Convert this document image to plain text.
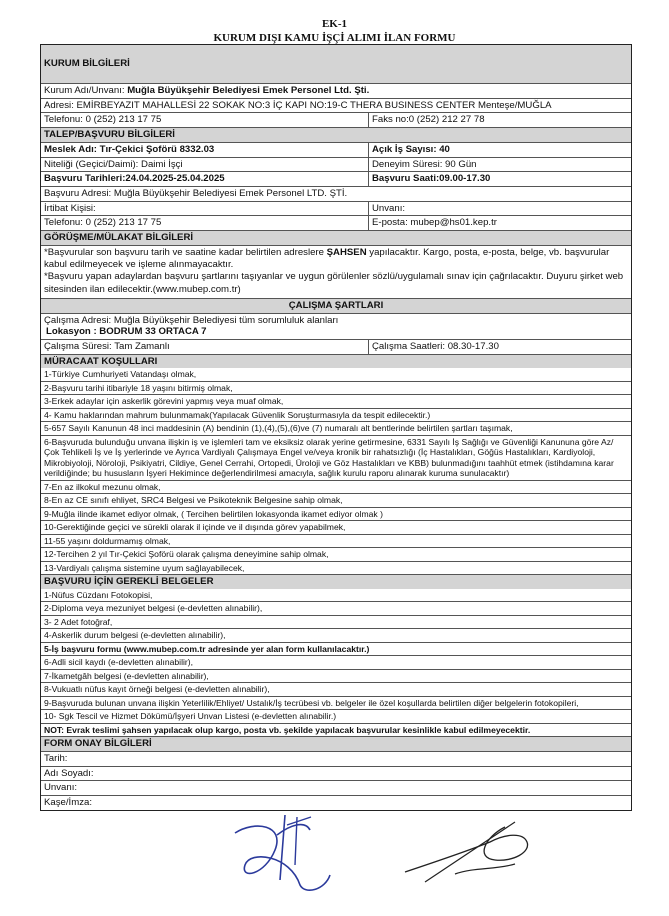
EK-1
KURUM DIŞI KAMU İŞÇİ ALIMI İLAN FORMU
KURUM BİLGİLERİ
Kurum Adı/Unvanı: Muğla Büyükşehir Belediyesi Emek Personel Ltd. Şti.
Adresi: EMİRBEYAZIT MAHALLESİ 22 SOKAK NO:3 İÇ KAPI NO:19-C THERA BUSINESS CENTER Menteşe/MUĞLA
Telefonu: 0 (252) 213 17 75	Faks no:0 (252) 212 27 78
TALEP/BAŞVURU BİLGİLERİ
Meslek Adı: Tır-Çekici Şoförü 8332.03	Açık İş Sayısı: 40
Niteliği (Geçici/Daimi): Daimi İşçi	Deneyim Süresi: 90 Gün
Başvuru Tarihleri:24.04.2025-25.04.2025	Başvuru Saati:09.00-17.30
Başvuru Adresi: Muğla Büyükşehir Belediyesi Emek Personel LTD. ŞTİ.
İrtibat Kişisi:	Unvanı:
Telefonu: 0 (252) 213 17 75	E-posta: mubep@hs01.kep.tr
GÖRÜŞME/MÜLAKAT BİLGİLERİ
*Başvurular son başvuru tarih ve saatine kadar belirtilen adreslere ŞAHSEN yapılacaktır. Kargo, posta, e-posta, belge, vb. başvurular kabul edilmeyecek ve işleme alınmayacaktır.
*Başvuru yapan adaylardan başvuru şartlarını taşıyanlar ve uygun görülenler sözlü/uygulamalı sınav için çağrılacaktır. Duyuru şirket web sitesinden ilan edilecektir.(www.mubep.com.tr)
ÇALIŞMA ŞARTLARI
Çalışma Adresi: Muğla Büyükşehir Belediyesi tüm sorumluluk alanları
Lokasyon : BODRUM 33 ORTACA 7
Çalışma Süresi: Tam Zamanlı	Çalışma Saatleri: 08.30-17.30
MÜRACAAT KOŞULLARI
1-Türkiye Cumhuriyeti Vatandaşı olmak,
2-Başvuru tarihi itibariyle 18 yaşını bitirmiş olmak,
3-Erkek adaylar için askerlik görevini yapmış veya muaf olmak,
4- Kamu haklarından mahrum bulunmamak(Yapılacak Güvenlik Soruşturmasıyla da tespit edilecektir.)
5-657 Sayılı Kanunun 48 inci maddesinin (A) bendinin (1),(4),(5),(6)ve (7) numaralı alt bentlerinde belirtilen şartları taşımak,
6-Başvuruda bulunduğu unvana ilişkin iş ve işlemleri tam ve eksiksiz olarak yerine getirmesine, 6331 Sayılı İş Sağlığı ve Güvenliği Kanununa göre Az/Çok Tehlikeli İş ve İş yerlerinde ve Ayrıca Vardiyalı Çalışmaya Engel ve/veya kronik bir rahatsızlığı (İç Hastalıkları, Göğüs Hastalıkları, Kardiyoloji, Mikrobiyoloji, Nöroloji, Psikiyatri, Cildiye, Genel Cerrahi, Ortopedi, Üroloji ve Göz Hastalıkları ve KBB) bulunmadığını taahhüt etmek (istihdamına karar verildiğinde; bu hususların İşyeri Hekimince değerlendirilmesi amacıyla, sağlık kurulu raporu alınarak kuruma sunulacaktır)
7-En az ilkokul mezunu olmak,
8-En az CE sınıfı ehliyet, SRC4 Belgesi ve Psikoteknik Belgesine sahip olmak,
9-Muğla ilinde ikamet ediyor olmak, ( Tercihen belirtilen lokasyonda ikamet ediyor olmak )
10-Gerektiğinde geçici ve sürekli olarak il içinde ve il dışında görev yapabilmek,
11-55 yaşını doldurmamış olmak,
12-Tercihen 2 yıl Tır-Çekici Şoförü olarak çalışma deneyimine sahip olmak,
13-Vardiyalı çalışma sistemine uyum sağlayabilecek,
BAŞVURU İÇİN GEREKLİ BELGELER
1-Nüfus Cüzdanı Fotokopisi,
2-Diploma veya mezuniyet belgesi (e-devletten alınabilir),
3- 2 Adet fotoğraf,
4-Askerlik durum belgesi (e-devletten alınabilir),
5-İş başvuru formu (www.mubep.com.tr adresinde yer alan form kullanılacaktır.)
6-Adli sicil kaydı (e-devletten alınabilir),
7-İkametgâh belgesi (e-devletten alınabilir),
8-Vukuatlı nüfus kayıt örneği belgesi (e-devletten alınabilir),
9-Başvuruda bulunan unvana ilişkin Yeterlilik/Ehliyet/ Ustalık/İş tecrübesi vb. belgeler ile özel koşullarda belirtilen diğer belgelerin fotokopileri,
10- Sgk Tescil ve Hizmet Dökümü/İşyeri Unvan Listesi (e-devletten alınabilir.)
NOT: Evrak teslimi şahsen yapılacak olup kargo, posta vb. şekilde yapılacak başvurular kesinlikle kabul edilmeyecektir.
FORM ONAY BİLGİLERİ
Tarih:
Adı Soyadı:
Unvanı:
Kaşe/İmza:
